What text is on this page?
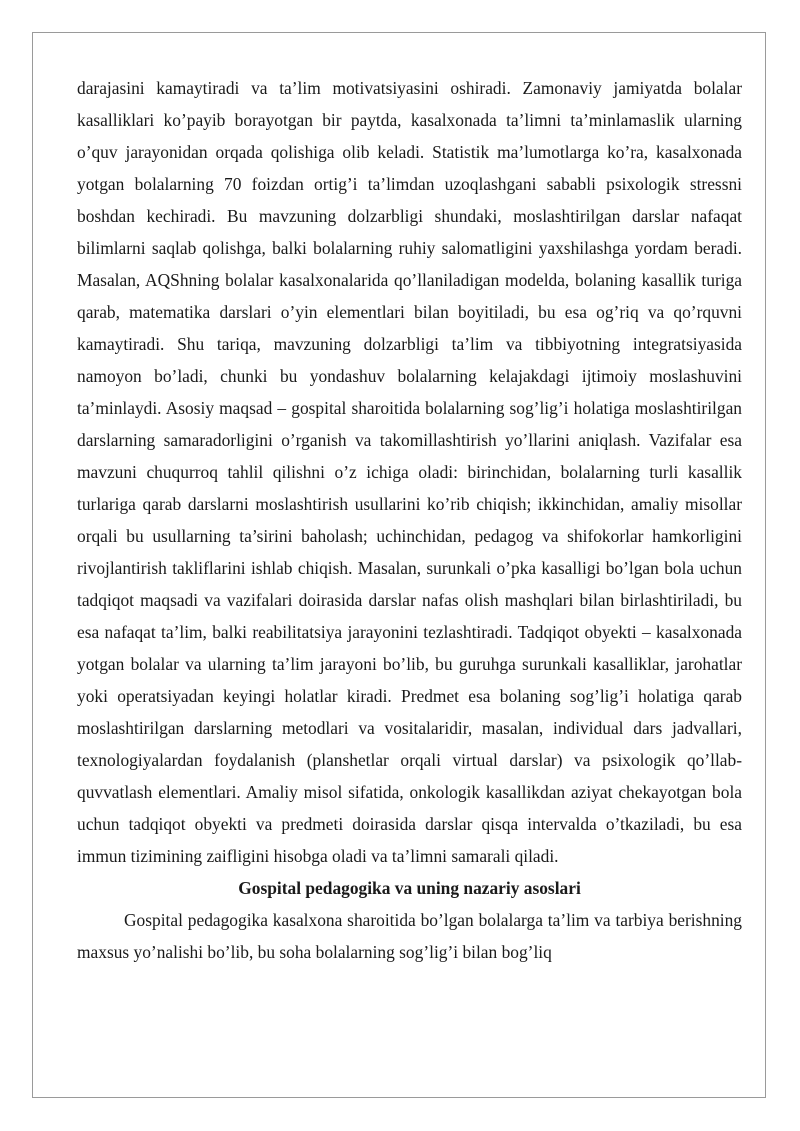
darajasini kamaytiradi va ta’lim motivatsiyasini oshiradi. Zamonaviy jamiyatda bolalar kasalliklari ko’payib borayotgan bir paytda, kasalxonada ta’limni ta’minlamaslik ularning o’quv jarayonidan orqada qolishiga olib keladi. Statistik ma’lumotlarga ko’ra, kasalxonada yotgan bolalarning 70 foizdan ortig’i ta’limdan uzoqlashgani sababli psixologik stressni boshdan kechiradi. Bu mavzuning dolzarbligi shundaki, moslashtirilgan darslar nafaqat bilimlarni saqlab qolishga, balki bolalarning ruhiy salomatligini yaxshilashga yordam beradi. Masalan, AQShning bolalar kasalxonalarida qo’llaniladigan modelda, bolaning kasallik turiga qarab, matematika darslari o’yin elementlari bilan boyitiladi, bu esa og’riq va qo’rquvni kamaytiradi. Shu tariqa, mavzuning dolzarbligi ta’lim va tibbiyotning integratsiyasida namoyon bo’ladi, chunki bu yondashuv bolalarning kelajakdagi ijtimoiy moslashuvini ta’minlaydi. Asosiy maqsad – gospital sharoitida bolalarning sog’lig’i holatiga moslashtirilgan darslarning samaradorligini o’rganish va takomillashtirish yo’llarini aniqlash. Vazifalar esa mavzuni chuqurroq tahlil qilishni o’z ichiga oladi: birinchidan, bolalarning turli kasallik turlariga qarab darslarni moslashtirish usullarini ko’rib chiqish; ikkinchidan, amaliy misollar orqali bu usullarning ta’sirini baholash; uchinchidan, pedagog va shifokorlar hamkorligini rivojlantirish takliflarini ishlab chiqish. Masalan, surunkali o’pka kasalligi bo’lgan bola uchun tadqiqot maqsadi va vazifalari doirasida darslar nafas olish mashqlari bilan birlashtiriladi, bu esa nafaqat ta’lim, balki reabilitatsiya jarayonini tezlashtiradi. Tadqiqot obyekti – kasalxonada yotgan bolalar va ularning ta’lim jarayoni bo’lib, bu guruhga surunkali kasalliklar, jarohatlar yoki operatsiyadan keyingi holatlar kiradi. Predmet esa bolaning sog’lig’i holatiga qarab moslashtirilgan darslarning metodlari va vositalaridir, masalan, individual dars jadvallari, texnologiyalardan foydalanish (planshetlar orqali virtual darslar) va psixologik qo’llab-quvvatlash elementlari. Amaliy misol sifatida, onkologik kasallikdan aziyat chekayotgan bola uchun tadqiqot obyekti va predmeti doirasida darslar qisqa intervalda o’tkaziladi, bu esa immun tizimining zaifligini hisobga oladi va ta’limni samarali qiladi.

Gospital pedagogika va uning nazariy asoslari

Gospital pedagogika kasalxona sharoitida bo’lgan bolalarga ta’lim va tarbiya berishning maxsus yo’nalishi bo’lib, bu soha bolalarning sog’lig’i bilan bog’liq
